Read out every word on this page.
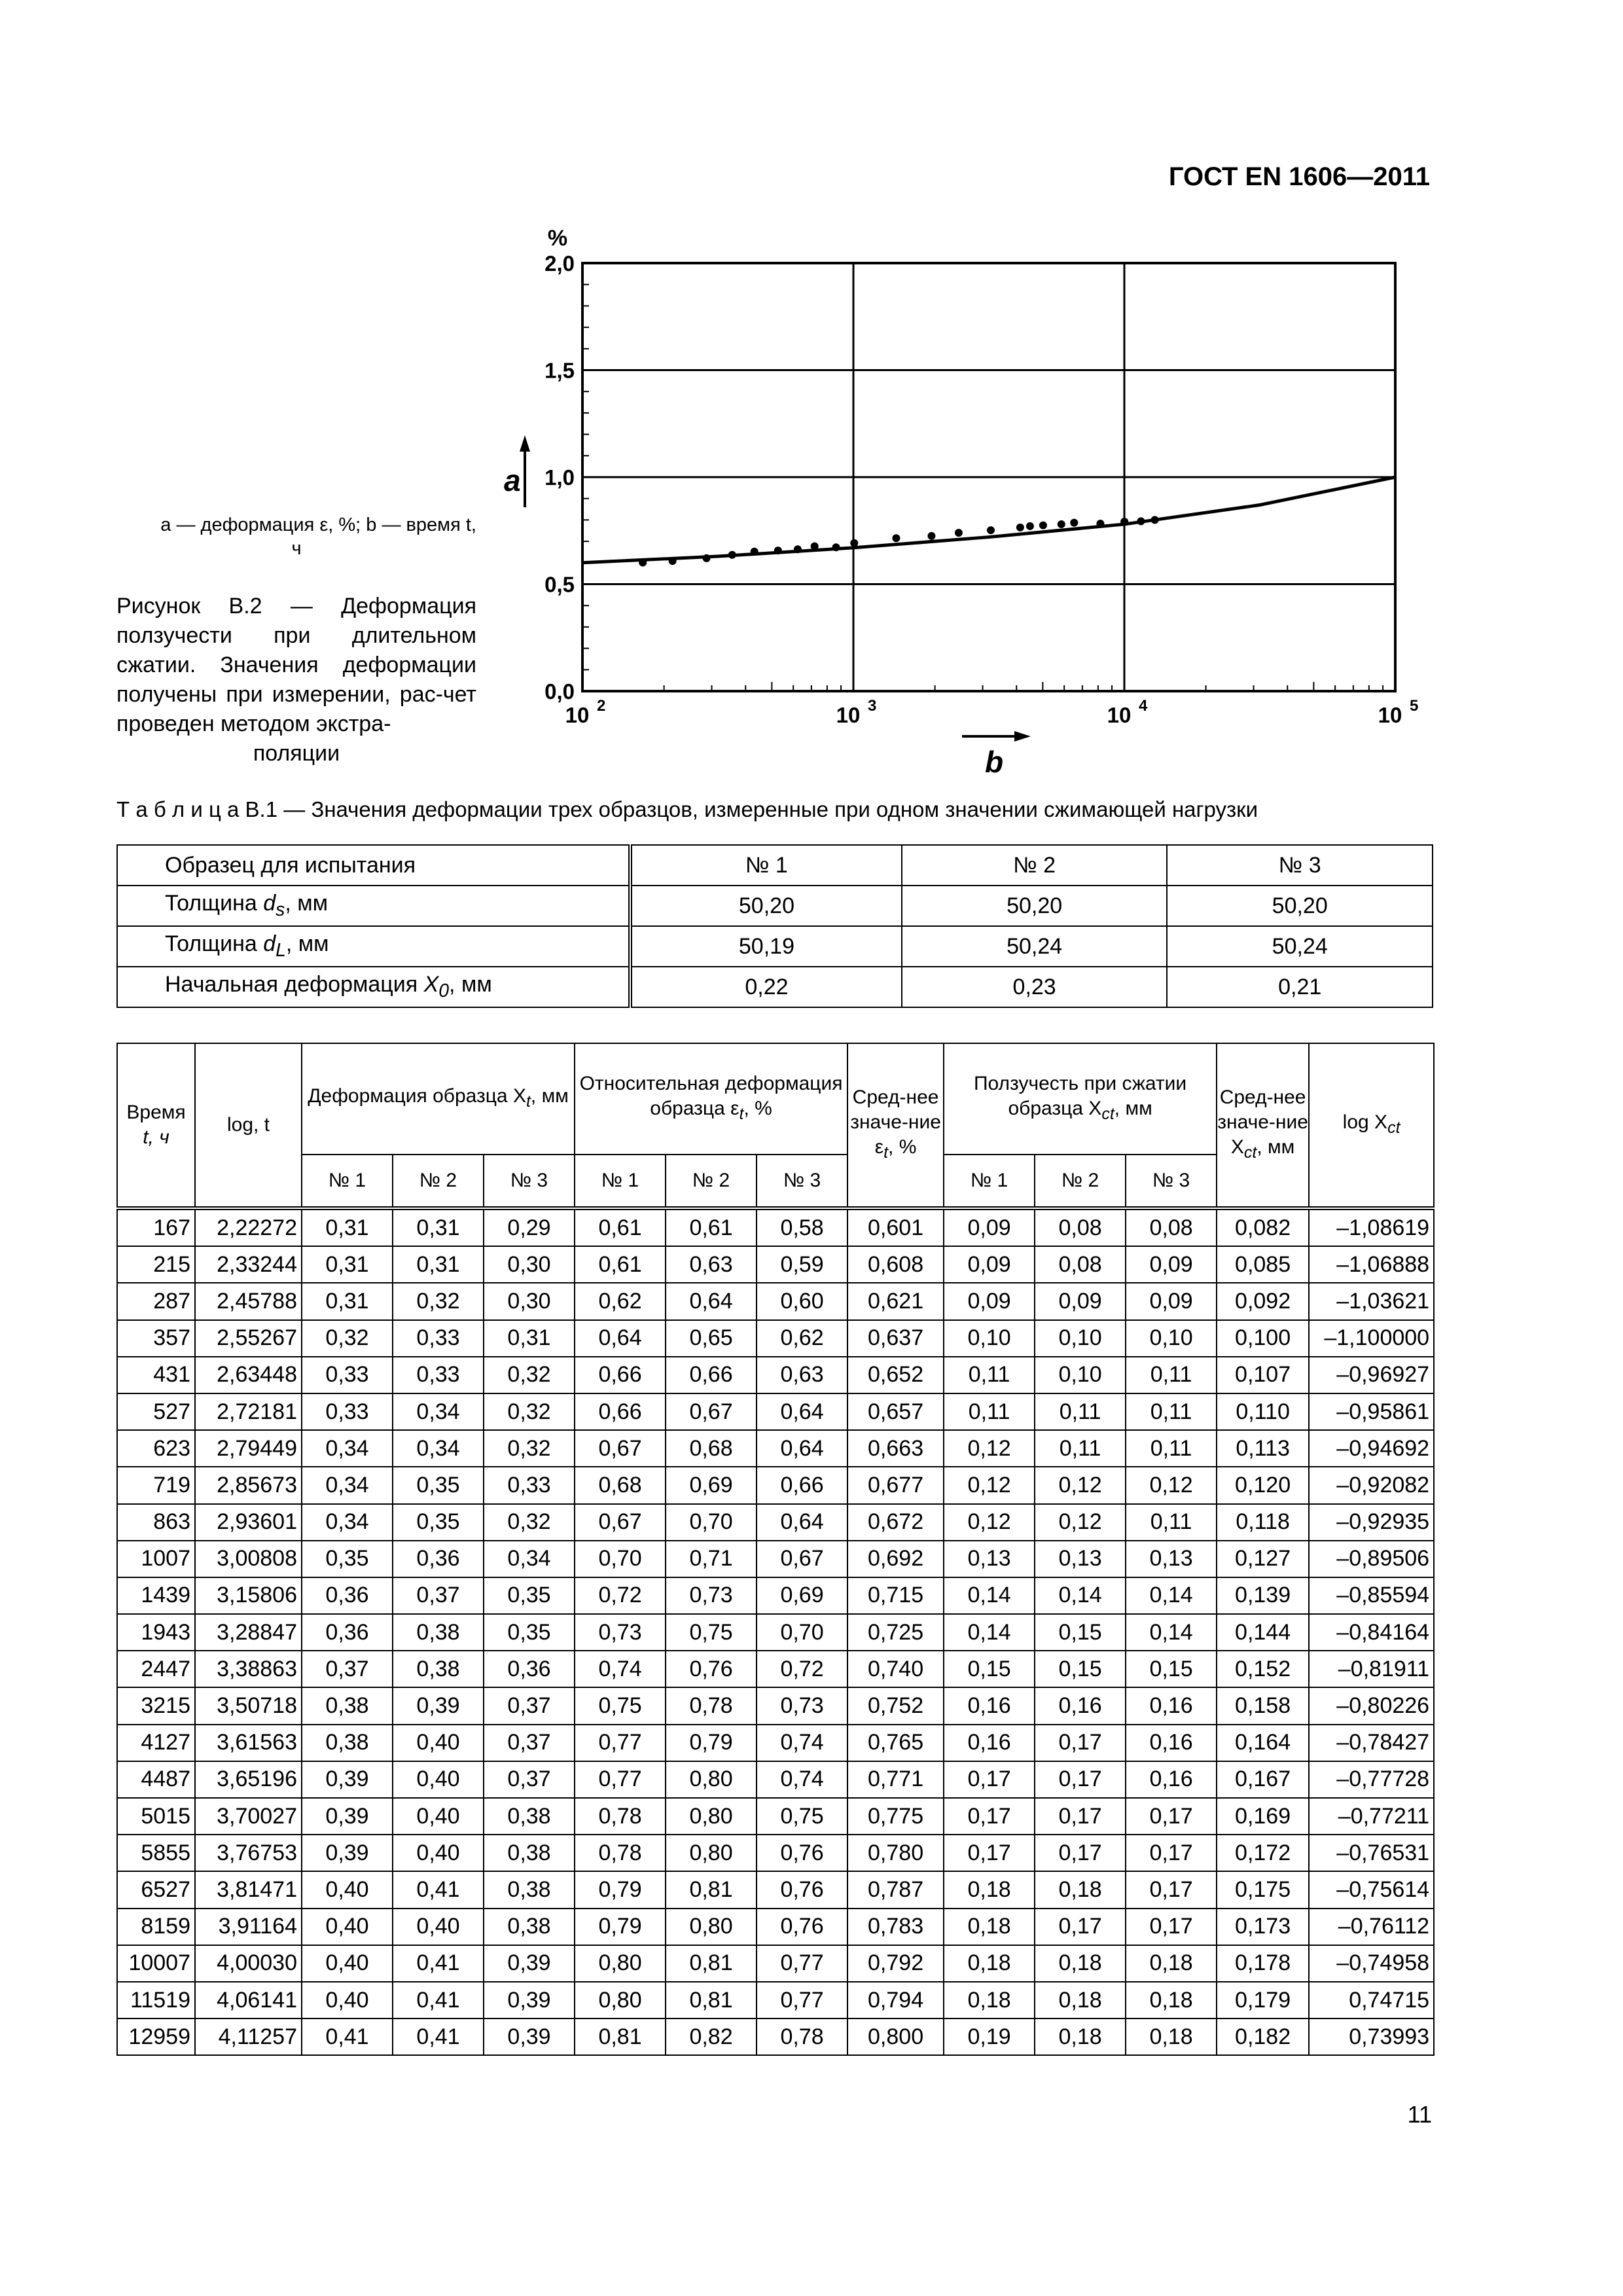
ГОСТ EN 1606—2011
a — деформация ε, %; b — время t,
ч
Рисунок В.2 — Деформация ползучести при длительном сжатии. Значения деформации получены при измерении, рас-чет проведен методом экстра-
поляции
%
0,0
0,5
1,0
1,5
2,0
10 2	10 3	10 4	10 5
a
b
Т а б л и ц а В.1 — Значения деформации трех образцов, измеренные при одном значении сжимающей нагрузки
Образец для испытания	№ 1	№ 2	№ 3
Толщина $d_s$, мм	50,20	50,20	50,20
Толщина $d_L$, мм	50,19	50,24	50,24
Начальная деформация $X_0$, мм	0,22	0,23	0,21
Время
t, ч	log, t	Деформация образца $X_t$, мм			Относительная деформация образца $\varepsilon_t$, %			Сред-нее значе-ние $\varepsilon_t$, %	Ползучесть при сжатии образца $X_{ct}$, мм			Сред-нее значе-ние $X_{ct}$, мм	$\log X_{ct}$
		№ 1	№ 2	№ 3	№ 1	№ 2	№ 3		№ 1	№ 2	№ 3		
167	2,22272	0,31	0,31	0,29	0,61	0,61	0,58	0,601	0,09	0,08	0,08	0,082	–1,08619
215	2,33244	0,31	0,31	0,30	0,61	0,63	0,59	0,608	0,09	0,08	0,09	0,085	–1,06888
287	2,45788	0,31	0,32	0,30	0,62	0,64	0,60	0,621	0,09	0,09	0,09	0,092	–1,03621
357	2,55267	0,32	0,33	0,31	0,64	0,65	0,62	0,637	0,10	0,10	0,10	0,100	–1,100000
431	2,63448	0,33	0,33	0,32	0,66	0,66	0,63	0,652	0,11	0,10	0,11	0,107	–0,96927
527	2,72181	0,33	0,34	0,32	0,66	0,67	0,64	0,657	0,11	0,11	0,11	0,110	–0,95861
623	2,79449	0,34	0,34	0,32	0,67	0,68	0,64	0,663	0,12	0,11	0,11	0,113	–0,94692
719	2,85673	0,34	0,35	0,33	0,68	0,69	0,66	0,677	0,12	0,12	0,12	0,120	–0,92082
863	2,93601	0,34	0,35	0,32	0,67	0,70	0,64	0,672	0,12	0,12	0,11	0,118	–0,92935
1007	3,00808	0,35	0,36	0,34	0,70	0,71	0,67	0,692	0,13	0,13	0,13	0,127	–0,89506
1439	3,15806	0,36	0,37	0,35	0,72	0,73	0,69	0,715	0,14	0,14	0,14	0,139	–0,85594
1943	3,28847	0,36	0,38	0,35	0,73	0,75	0,70	0,725	0,14	0,15	0,14	0,144	–0,84164
2447	3,38863	0,37	0,38	0,36	0,74	0,76	0,72	0,740	0,15	0,15	0,15	0,152	–0,81911
3215	3,50718	0,38	0,39	0,37	0,75	0,78	0,73	0,752	0,16	0,16	0,16	0,158	–0,80226
4127	3,61563	0,38	0,40	0,37	0,77	0,79	0,74	0,765	0,16	0,17	0,16	0,164	–0,78427
4487	3,65196	0,39	0,40	0,37	0,77	0,80	0,74	0,771	0,17	0,17	0,16	0,167	–0,77728
5015	3,70027	0,39	0,40	0,38	0,78	0,80	0,75	0,775	0,17	0,17	0,17	0,169	–0,77211
5855	3,76753	0,39	0,40	0,38	0,78	0,80	0,76	0,780	0,17	0,17	0,17	0,172	–0,76531
6527	3,81471	0,40	0,41	0,38	0,79	0,81	0,76	0,787	0,18	0,18	0,17	0,175	–0,75614
8159	3,91164	0,40	0,40	0,38	0,79	0,80	0,76	0,783	0,18	0,17	0,17	0,173	–0,76112
10007	4,00030	0,40	0,41	0,39	0,80	0,81	0,77	0,792	0,18	0,18	0,18	0,178	–0,74958
11519	4,06141	0,40	0,41	0,39	0,80	0,81	0,77	0,794	0,18	0,18	0,18	0,179	0,74715
12959	4,11257	0,41	0,41	0,39	0,81	0,82	0,78	0,800	0,19	0,18	0,18	0,182	0,73993
11
